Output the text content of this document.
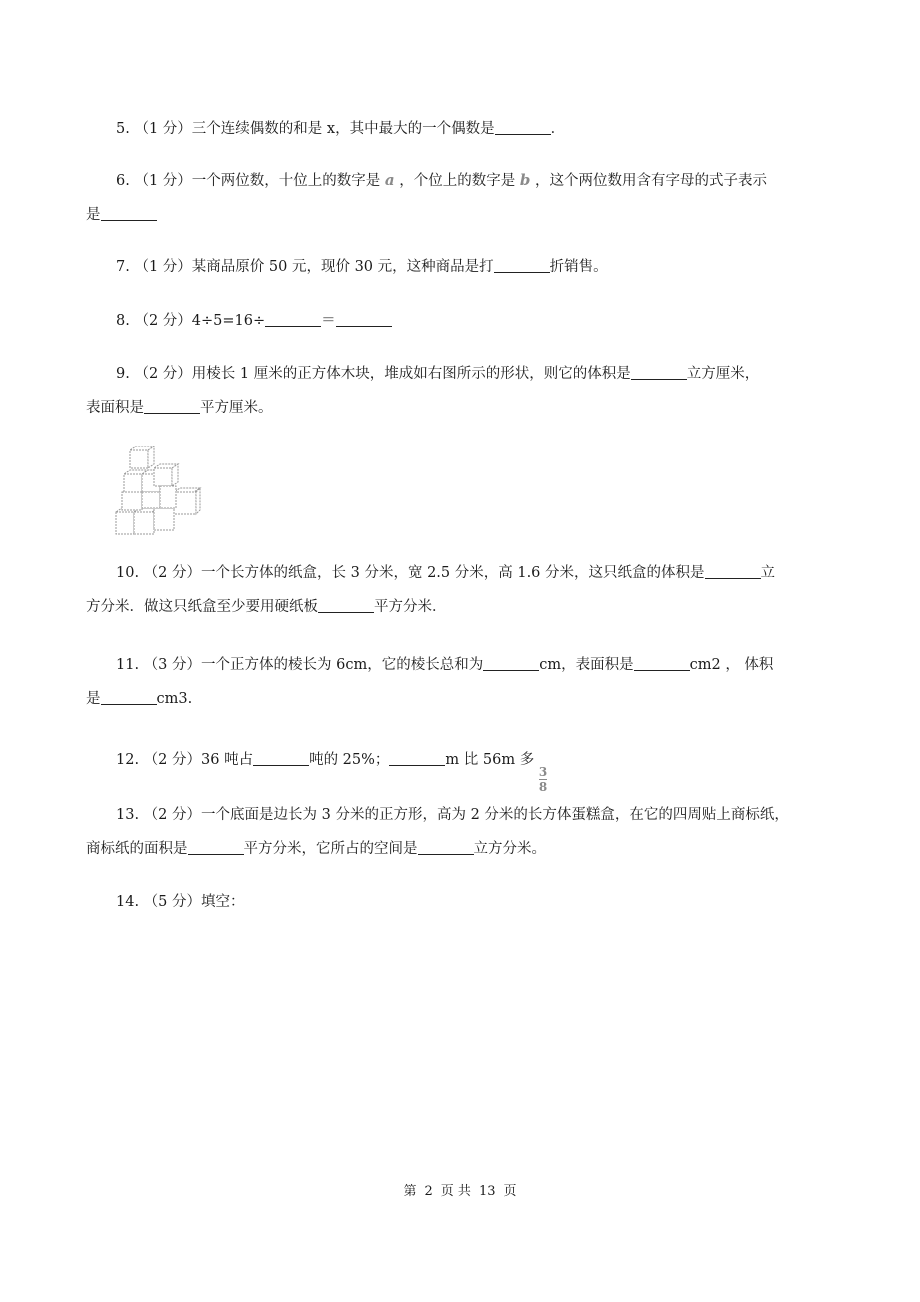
5. （1 分）三个连续偶数的和是 x，其中最大的一个偶数是	．
6. （1 分）一个两位数，十位上的数字是 a ，个位上的数字是 b ，这个两位数用含有字母的式子表示
是
7. （1 分）某商品原价 50 元，现价 30 元，这种商品是打	折销售。
8. （2 分）4÷5=16÷	＝
9. （2 分）用棱长 1 厘米的正方体木块，堆成如右图所示的形状，则它的体积是	立方厘米，
表面积是	平方厘米。
10. （2 分）一个长方体的纸盒，长 3 分米，宽 2.5 分米，高 1.6 分米，这只纸盒的体积是	立
方分米．做这只纸盒至少要用硬纸板	平方分米．
11. （3 分）一个正方体的棱长为 6cm，它的棱长总和为	cm，表面积是	cm2 ， 体积
是	cm3.
12. （2 分）36 吨占	吨的 25%；	m 比 56m 多
$\frac{3}{8}$
13. （2 分）一个底面是边长为 3 分米的正方形，高为 2 分米的长方体蛋糕盒，在它的四周贴上商标纸，
商标纸的面积是	平方分米，它所占的空间是	立方分米。
14. （5 分）填空：
第 2 页 共 13 页
